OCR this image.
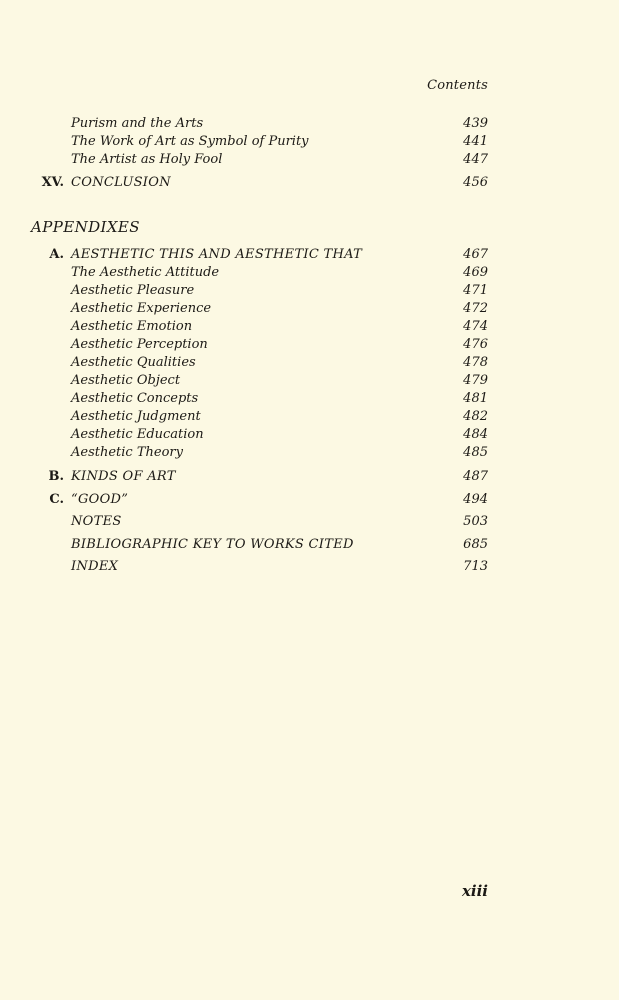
Contents
Purism and the Arts	439
The Work of Art as Symbol of Purity	441
The Artist as Holy Fool	447
XV. CONCLUSION	456
APPENDIXES
A. AESTHETIC THIS AND AESTHETIC THAT	467
The Aesthetic Attitude	469
Aesthetic Pleasure	471
Aesthetic Experience	472
Aesthetic Emotion	474
Aesthetic Perception	476
Aesthetic Qualities	478
Aesthetic Object	479
Aesthetic Concepts	481
Aesthetic Judgment	482
Aesthetic Education	484
Aesthetic Theory	485
B. KINDS OF ART	487
C. “GOOD”	494
NOTES	503
BIBLIOGRAPHIC KEY TO WORKS CITED	685
INDEX	713
xiii
